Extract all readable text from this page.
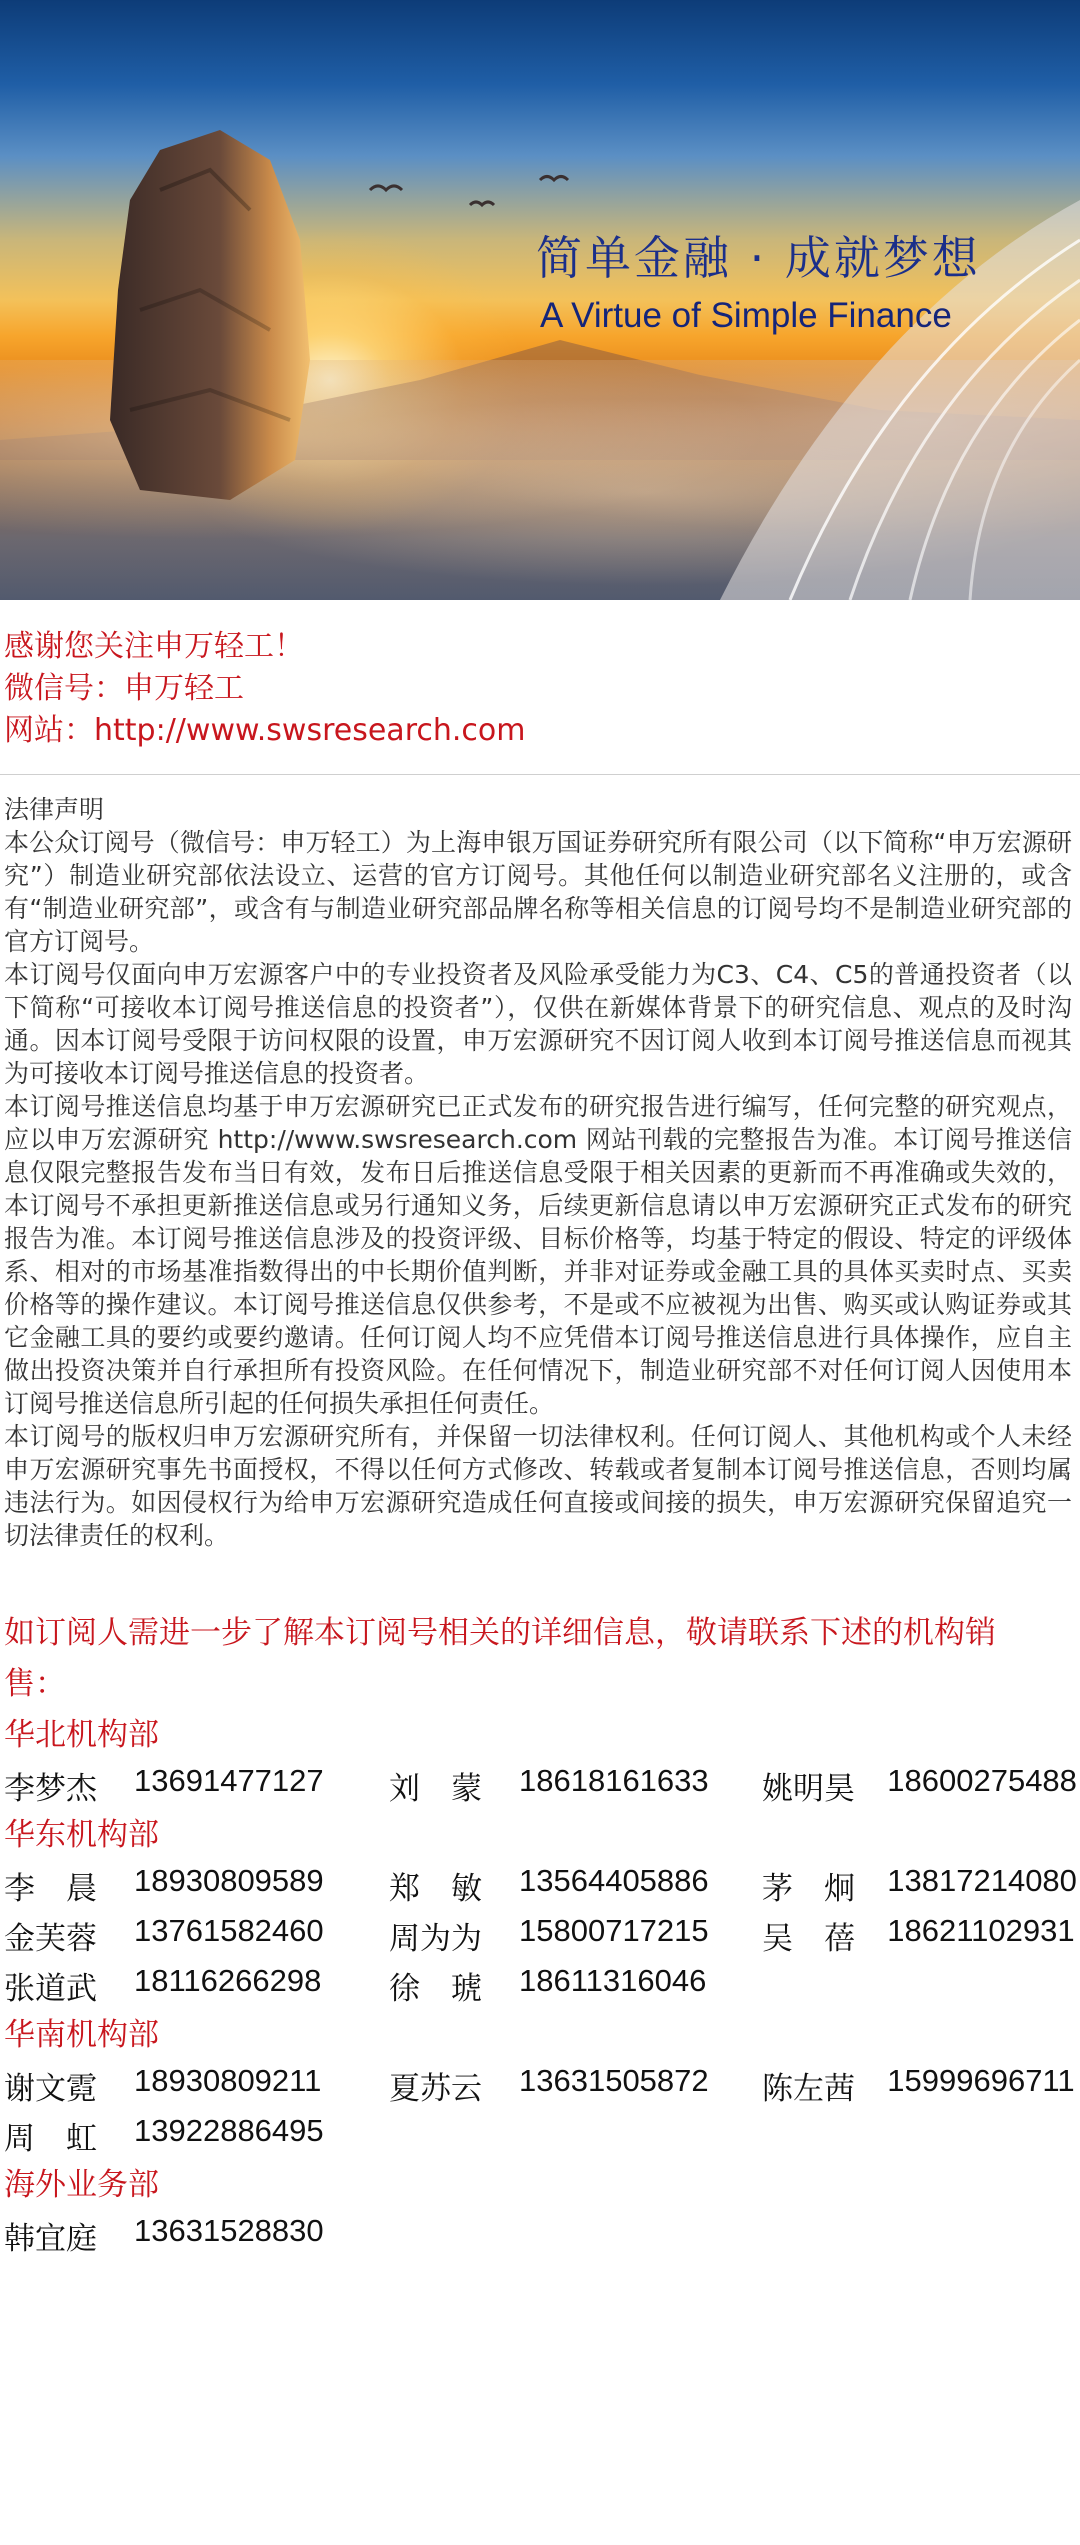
简单金融 · 成就梦想
A Virtue of Simple Finance
感谢您关注申万轻工！
微信号：申万轻工
网站：http://www.swsresearch.com
法律声明

本公众订阅号（微信号：申万轻工）为上海申银万国证券研究所有限公司（以下简称“申万宏源研究”）制造业研究部依法设立、运营的官方订阅号。其他任何以制造业研究部名义注册的，或含有“制造业研究部”，或含有与制造业研究部品牌名称等相关信息的订阅号均不是制造业研究部的官方订阅号。

本订阅号仅面向申万宏源客户中的专业投资者及风险承受能力为C3、C4、C5的普通投资者（以下简称“可接收本订阅号推送信息的投资者”），仅供在新媒体背景下的研究信息、观点的及时沟通。因本订阅号受限于访问权限的设置，申万宏源研究不因订阅人收到本订阅号推送信息而视其为可接收本订阅号推送信息的投资者。

本订阅号推送信息均基于申万宏源研究已正式发布的研究报告进行编写，任何完整的研究观点，应以申万宏源研究 http://www.swsresearch.com 网站刊载的完整报告为准。本订阅号推送信息仅限完整报告发布当日有效，发布日后推送信息受限于相关因素的更新而不再准确或失效的，本订阅号不承担更新推送信息或另行通知义务，后续更新信息请以申万宏源研究正式发布的研究报告为准。本订阅号推送信息涉及的投资评级、目标价格等，均基于特定的假设、特定的评级体系、相对的市场基准指数得出的中长期价值判断，并非对证券或金融工具的具体买卖时点、买卖价格等的操作建议。本订阅号推送信息仅供参考，不是或不应被视为出售、购买或认购证券或其它金融工具的要约或要约邀请。任何订阅人均不应凭借本订阅号推送信息进行具体操作，应自主做出投资决策并自行承担所有投资风险。在任何情况下，制造业研究部不对任何订阅人因使用本订阅号推送信息所引起的任何损失承担任何责任。

本订阅号的版权归申万宏源研究所有，并保留一切法律权利。任何订阅人、其他机构或个人未经申万宏源研究事先书面授权，不得以任何方式修改、转载或者复制本订阅号推送信息，否则均属违法行为。如因侵权行为给申万宏源研究造成任何直接或间接的损失，申万宏源研究保留追究一切法律责任的权利。

如订阅人需进一步了解本订阅号相关的详细信息，敬请联系下述的机构销售：
华北机构部
李梦杰	13691477127	刘　蒙	18618161633	姚明昊	18600275488
华东机构部
李　晨	18930809589	郑　敏	13564405886	茅　炯	13817214080
金芙蓉	13761582460	周为为	15800717215	吴　蓓	18621102931
张道武	18116266298	徐　琥	18611316046
华南机构部
谢文霓	18930809211	夏苏云	13631505872	陈左茜	15999696711
周　虹	13922886495
海外业务部
韩宜庭	13631528830
